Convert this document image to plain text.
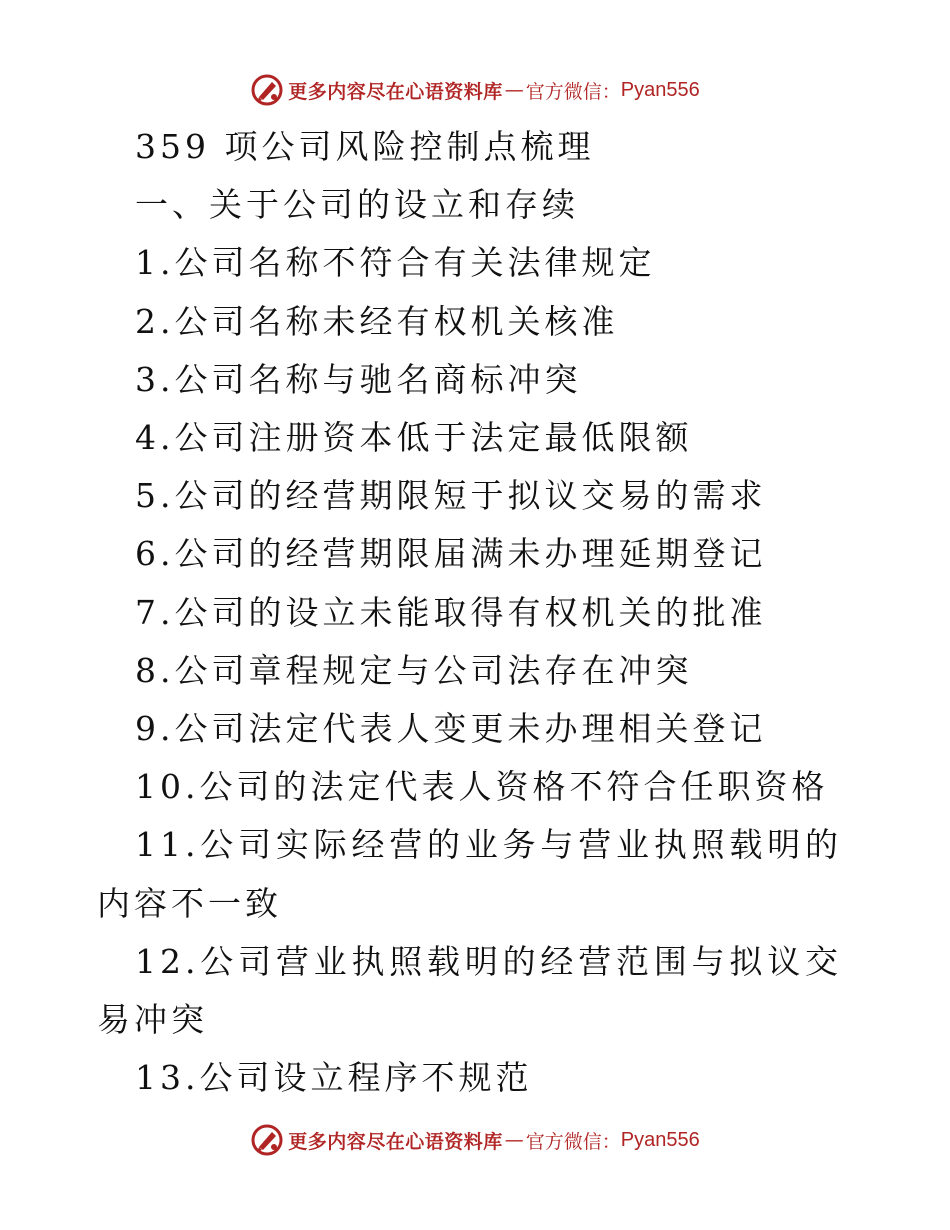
更多内容尽在心语资料库 — 官方微信： Pyan556
359 项公司风险控制点梳理
一、关于公司的设立和存续
1.公司名称不符合有关法律规定
2.公司名称未经有权机关核准
3.公司名称与驰名商标冲突
4.公司注册资本低于法定最低限额
5.公司的经营期限短于拟议交易的需求
6.公司的经营期限届满未办理延期登记
7.公司的设立未能取得有权机关的批准
8.公司章程规定与公司法存在冲突
9.公司法定代表人变更未办理相关登记
10.公司的法定代表人资格不符合任职资格
11.公司实际经营的业务与营业执照载明的内容不一致
12.公司营业执照载明的经营范围与拟议交易冲突
13.公司设立程序不规范
更多内容尽在心语资料库 — 官方微信： Pyan556
